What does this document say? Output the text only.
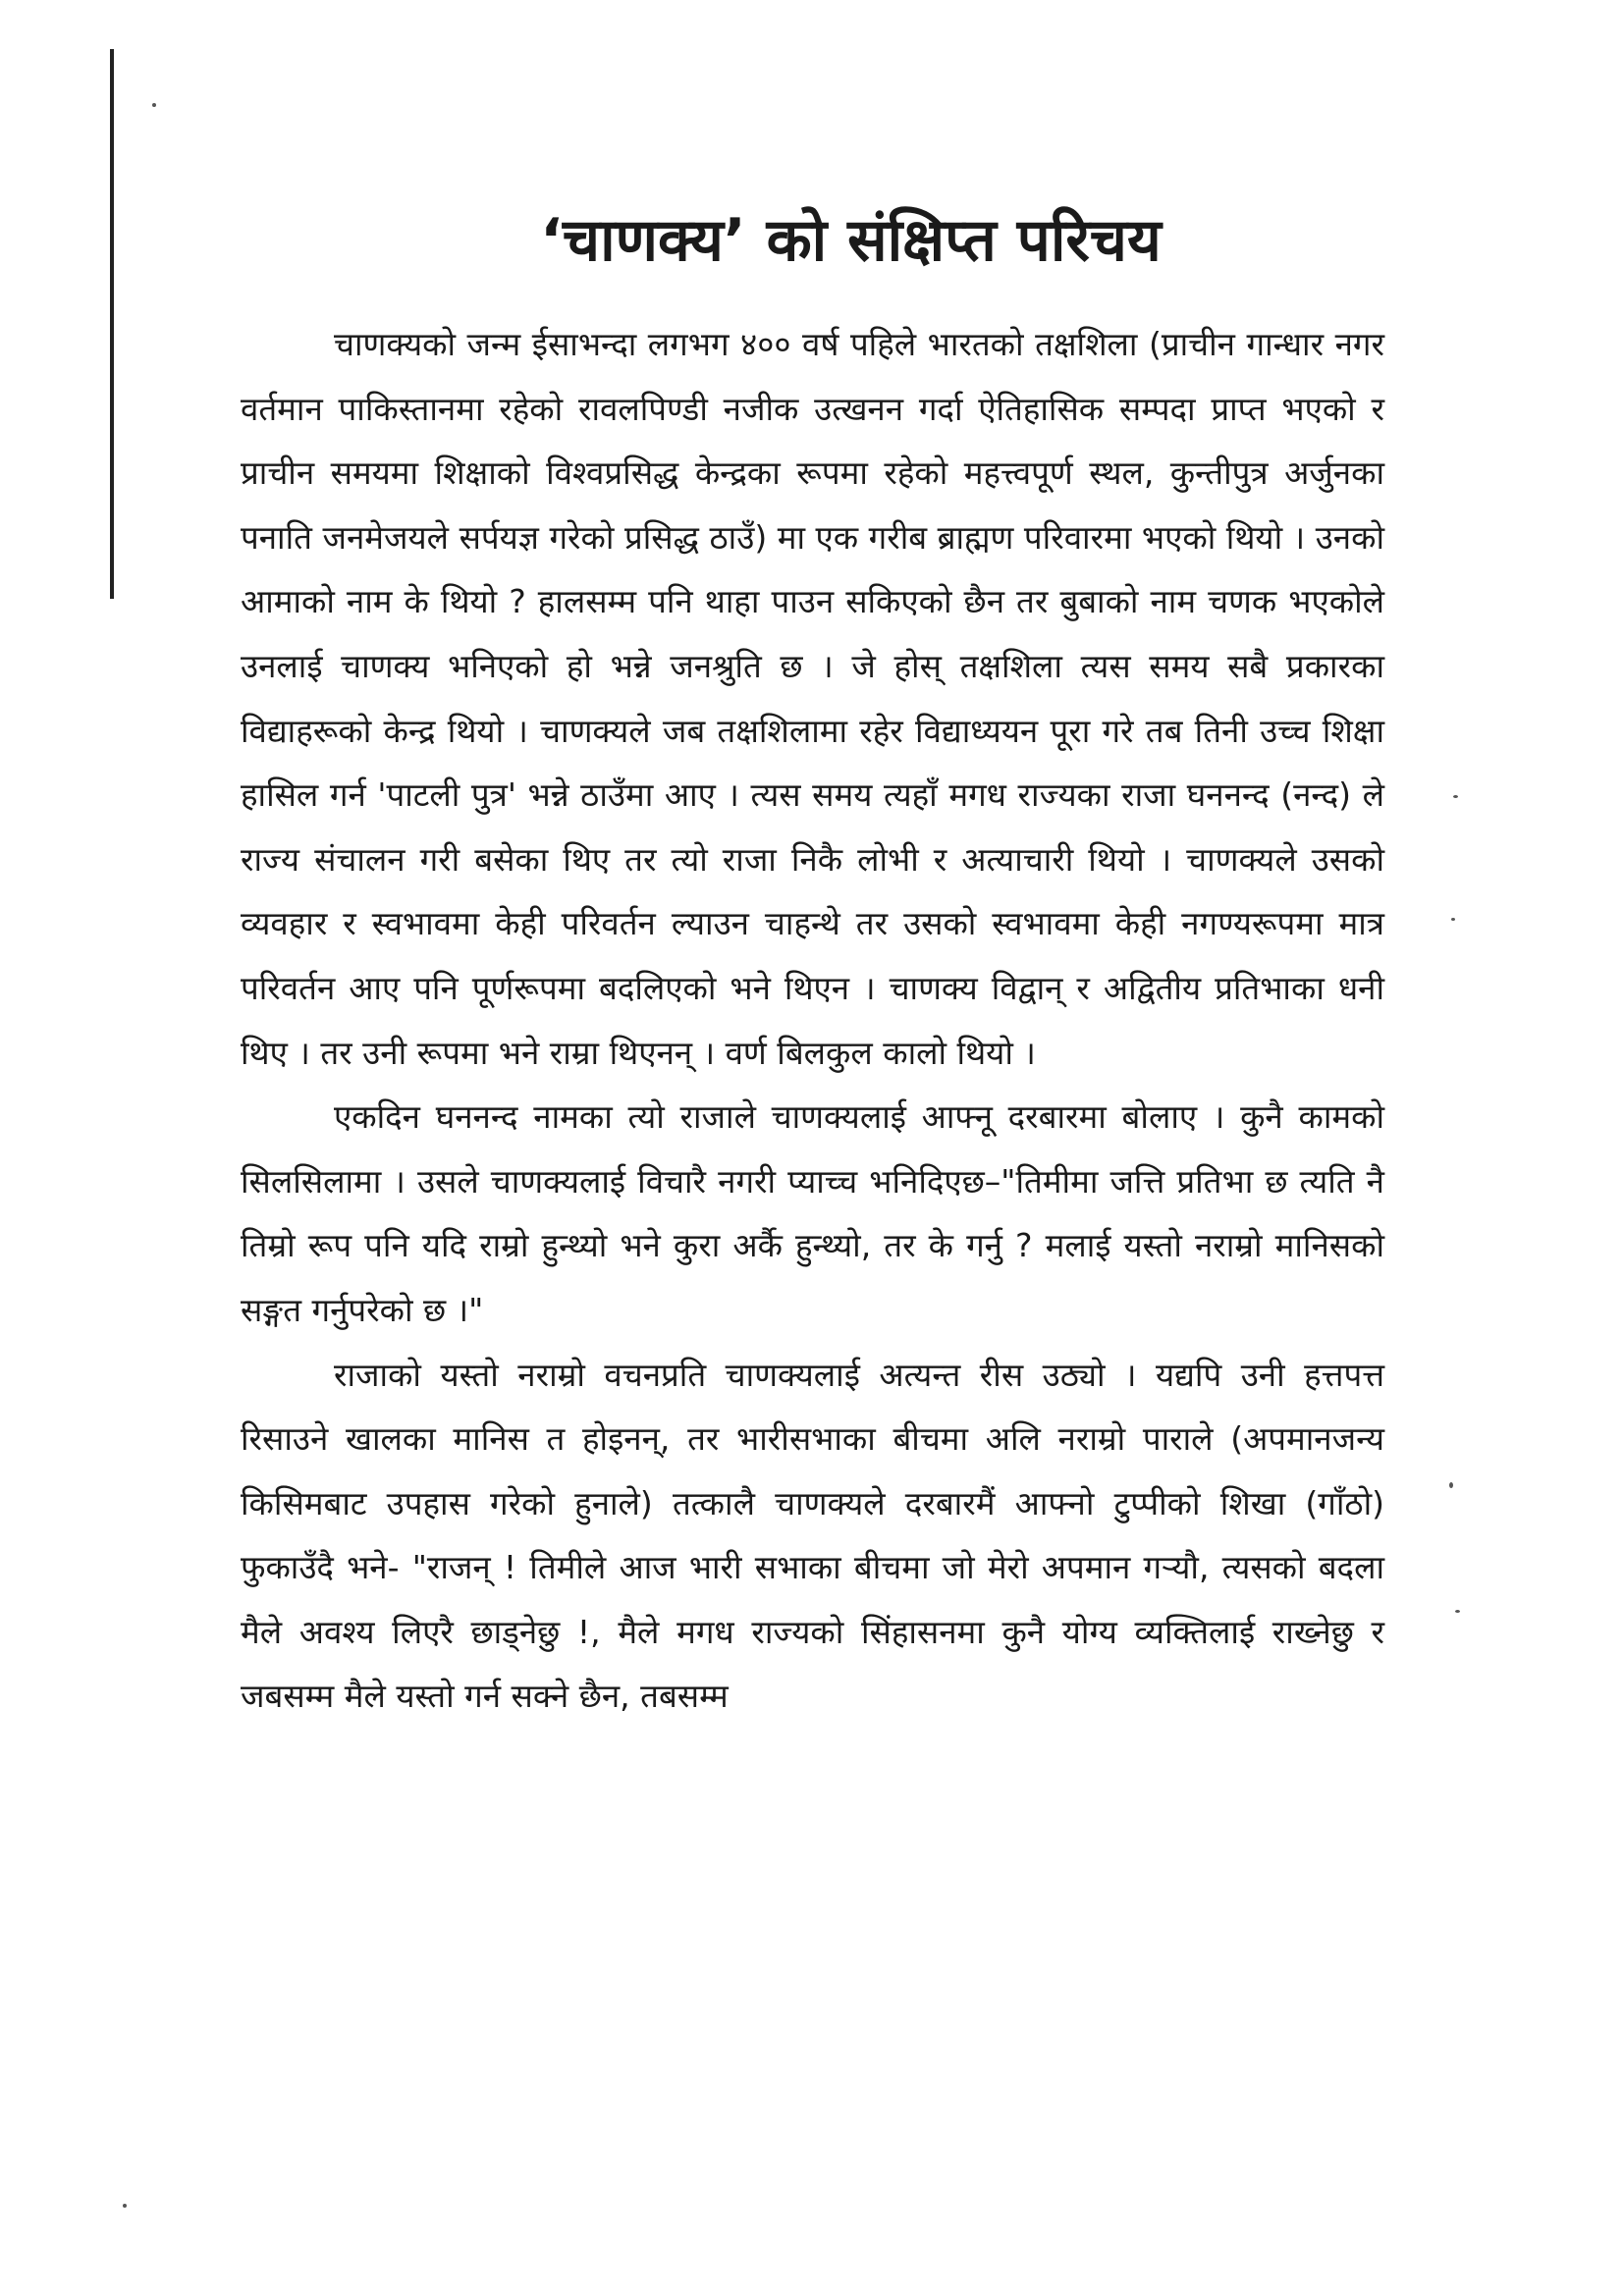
‘चाणक्य’ को संक्षिप्त परिचय

चाणक्यको जन्म ईसाभन्दा लगभग ४०० वर्ष पहिले भारतको तक्षशिला (प्राचीन गान्धार नगर वर्तमान पाकिस्तानमा रहेको रावलपिण्डी नजीक उत्खनन गर्दा ऐतिहासिक सम्पदा प्राप्त भएको र प्राचीन समयमा शिक्षाको विश्वप्रसिद्ध केन्द्रका रूपमा रहेको महत्त्वपूर्ण स्थल, कुन्तीपुत्र अर्जुनका पनाति जनमेजयले सर्पयज्ञ गरेको प्रसिद्ध ठाउँ) मा एक गरीब ब्राह्मण परिवारमा भएको थियो । उनको आमाको नाम के थियो ? हालसम्म पनि थाहा पाउन सकिएको छैन तर बुबाको नाम चणक भएकोले उनलाई चाणक्य भनिएको हो भन्ने जनश्रुति छ । जे होस् तक्षशिला त्यस समय सबै प्रकारका विद्याहरूको केन्द्र थियो । चाणक्यले जब तक्षशिलामा रहेर विद्याध्ययन पूरा गरे तब तिनी उच्च शिक्षा हासिल गर्न 'पाटली पुत्र' भन्ने ठाउँमा आए । त्यस समय त्यहाँ मगध राज्यका राजा घननन्द (नन्द) ले राज्य संचालन गरी बसेका थिए तर त्यो राजा निकै लोभी र अत्याचारी थियो । चाणक्यले उसको व्यवहार र स्वभावमा केही परिवर्तन ल्याउन चाहन्थे तर उसको स्वभावमा केही नगण्यरूपमा मात्र परिवर्तन आए पनि पूर्णरूपमा बदलिएको भने थिएन । चाणक्य विद्वान् र अद्वितीय प्रतिभाका धनी थिए । तर उनी रूपमा भने राम्रा थिएनन् । वर्ण बिलकुल कालो थियो ।

एकदिन घननन्द नामका त्यो राजाले चाणक्यलाई आफ्नू दरबारमा बोलाए । कुनै कामको सिलसिलामा । उसले चाणक्यलाई विचारै नगरी प्याच्च भनिदिएछ–"तिमीमा जत्ति प्रतिभा छ त्यति नै तिम्रो रूप पनि यदि राम्रो हुन्थ्यो भने कुरा अर्कै हुन्थ्यो, तर के गर्नु ? मलाई यस्तो नराम्रो मानिसको सङ्गत गर्नुपरेको छ ।"

राजाको यस्तो नराम्रो वचनप्रति चाणक्यलाई अत्यन्त रीस उठ्यो । यद्यपि उनी हत्तपत्त रिसाउने खालका मानिस त होइनन्, तर भारीसभाका बीचमा अलि नराम्रो पाराले (अपमानजन्य किसिमबाट उपहास गरेको हुनाले) तत्कालै चाणक्यले दरबारमैं आफ्नो टुप्पीको शिखा (गाँठो) फुकाउँदै भने- "राजन् ! तिमीले आज भारी सभाका बीचमा जो मेरो अपमान गर्‍यौ, त्यसको बदला मैले अवश्य लिएरै छाड्नेछु !, मैले मगध राज्यको सिंहासनमा कुनै योग्य व्यक्तिलाई राख्नेछु र जबसम्म मैले यस्तो गर्न सक्ने छैन, तबसम्म
